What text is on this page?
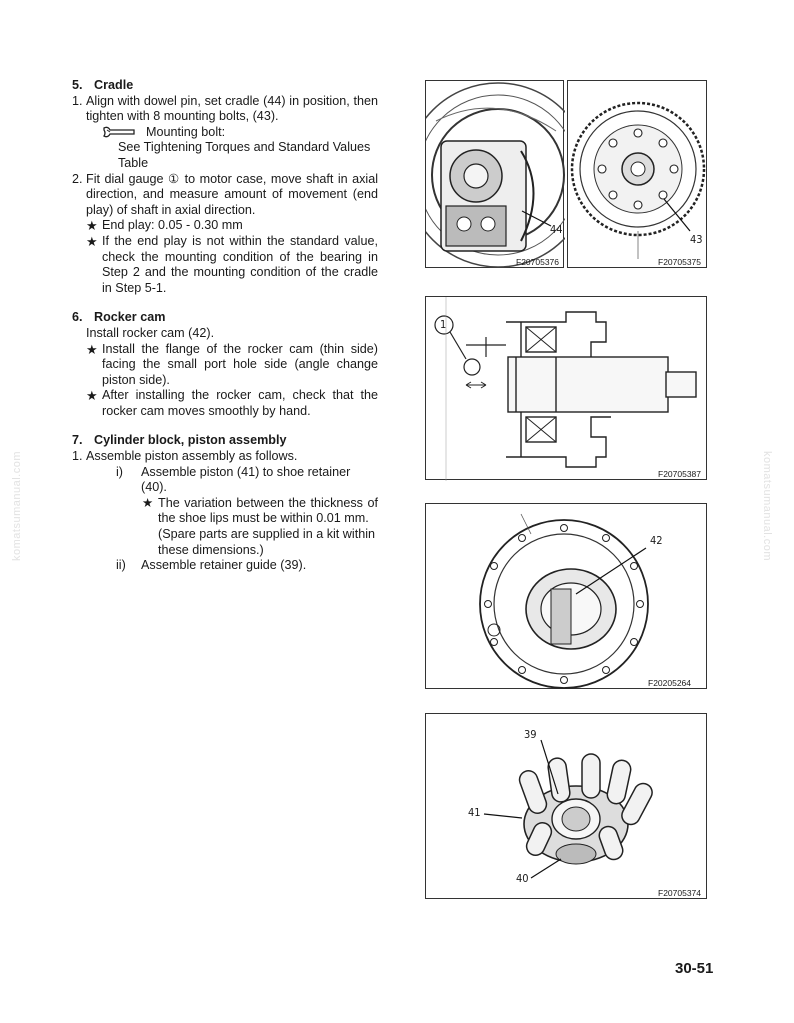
5. Cradle

1. Align with dowel pin, set cradle (44) in position, then tighten with 8 mounting bolts, (43).
Mounting bolt:
See Tightening Torques and Standard Values Table
2. Fit dial gauge ① to motor case, move shaft in axial direction, and measure amount of movement (end play) of shaft in axial direction.
★ End play: 0.05 - 0.30 mm
★ If the end play is not within the standard value, check the mounting condition of the bearing in Step 2 and the mounting condition of the cradle in Step 5-1.

6. Rocker cam

Install rocker cam (42).
★ Install the flange of the rocker cam (thin side) facing the small port hole side (angle change piston side).
★ After installing the rocker cam, check that the rocker cam moves smoothly by hand.

7. Cylinder block, piston assembly

1. Assemble piston assembly as follows.
i)	Assemble piston (41) to shoe retainer (40).
★ The variation between the thickness of the shoe lips must be within 0.01 mm.
(Spare parts are supplied in a kit within these dimensions.)
ii)	Assemble retainer guide (39).
44
F20705376
43
F20705375
1
F20705387
42
F20205264
39
41
40
F20705374
30-51
komatsumanual.com	komatsumanual.com
